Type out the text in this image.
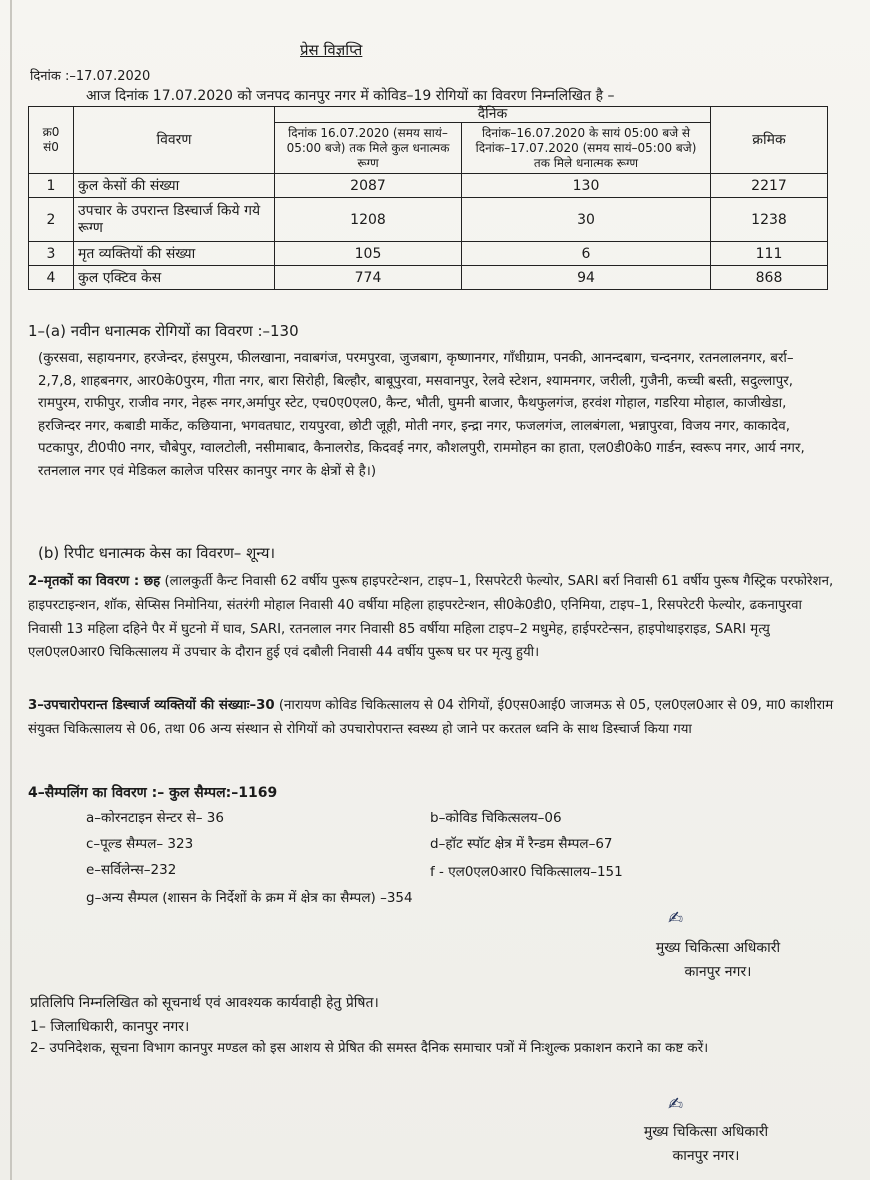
प्रेस विज्ञप्ति
दिनांक :–17.07.2020
आज दिनांक 17.07.2020 को जनपद कानपुर नगर में कोविड–19 रोगियों का विवरण निम्नलिखित है –
क्र0 सं0	विवरण	दैनिक		क्रमिक
		दिनांक 16.07.2020 (समय सायं– 05:00 बजे) तक मिले कुल धनात्मक रूग्ण	दिनांक–16.07.2020 के सायं 05:00 बजे से दिनांक–17.07.2020 (समय सायं–05:00 बजे) तक मिले धनात्मक रूग्ण	
1	कुल केसों की संख्या	2087	130	2217
2	उपचार के उपरान्त डिस्चार्ज किये गये रूग्ण	1208	30	1238
3	मृत व्यक्तियों की संख्या	105	6	111
4	कुल एक्टिव केस	774	94	868
1–(a) नवीन धनात्मक रोगियों का विवरण :–130
(कुरसवा, सहायनगर, हरजेन्दर, हंसपुरम, फीलखाना, नवाबगंज, परमपुरवा, जुजबाग, कृष्णानगर, गाँधीग्राम, पनकी, आनन्दबाग, चन्दनगर, रतनलालनगर, बर्रा–2,7,8, शाहबनगर, आर0के0पुरम, गीता नगर, बारा सिरोही, बिल्हौर, बाबूपुरवा, मसवानपुर, रेलवे स्टेशन, श्यामनगर, जरीली, गुजैनी, कच्ची बस्ती, सदुल्लापुर, रामपुरम, राफीपुर, राजीव नगर, नेहरू नगर,अर्मापुर स्टेट, एच0ए0एल0, कैन्ट, भौती, घुमनी बाजार, फैथफुलगंज, हरवंश गोहाल, गडरिया मोहाल, काजीखेडा, हरजिन्दर नगर, कबाडी मार्केट, कछियाना, भगवतघाट, रायपुरवा, छोटी जूही, मोती नगर, इन्द्रा नगर, फजलगंज, लालबंगला, भन्नापुरवा, विजय नगर, काकादेव, पटकापुर, टी0पी0 नगर, चौबेपुर, ग्वालटोली, नसीमाबाद, कैनालरोड, किदवई नगर, कौशलपुरी, राममोहन का हाता, एल0डी0के0 गार्डन, स्वरूप नगर, आर्य नगर, रतनलाल नगर एवं मेडिकल कालेज परिसर कानपुर नगर के क्षेत्रों से है।)
(b) रिपीट धनात्मक केस का विवरण– शून्य।
2–मृतकों का विवरण : छह (लालकुर्ती कैन्ट निवासी 62 वर्षीय पुरूष हाइपरटेन्शन, टाइप–1, रिसपरेटरी फेल्योर, SARI बर्रा निवासी 61 वर्षीय पुरूष गैस्ट्रिक परफोरेशन, हाइपरटाइन्शन, शॉक, सेप्सिस निमोनिया, संतरंगी मोहाल निवासी 40 वर्षीया महिला हाइपरटेन्शन, सी0के0डी0, एनिमिया, टाइप–1, रिसपरेटरी फेल्योर, ढकनापुरवा निवासी 13 महिला दहिने पैर में घुटनो में घाव, SARI, रतनलाल नगर निवासी 85 वर्षीया महिला टाइप–2 मधुमेह, हाईपरटेन्सन, हाइपोथाइराइड, SARI मृत्यु एल0एल0आर0 चिकित्सालय में उपचार के दौरान हुई एवं दबौली निवासी 44 वर्षीय पुरूष घर पर मृत्यु हुयी।
3–उपचारोपरान्त डिस्चार्ज व्यक्तियों की संख्याः–30 (नारायण कोविड चिकित्सालय से 04 रोगियों, ई0एस0आई0 जाजमऊ से 05, एल0एल0आर से 09, मा0 काशीराम संयुक्त चिकित्सालय से 06, तथा 06 अन्य संस्थान से रोगियों को उपचारोपरान्त स्वस्थ्य हो जाने पर करतल ध्वनि के साथ डिस्चार्ज किया गया
4–सैम्पलिंग का विवरण :– कुल सैम्पल:–1169
a–कोरनटाइन सेन्टर से– 36	b–कोविड चिकित्सलय–06
c–पूल्ड सैम्पल– 323	d–हॉट स्पॉट क्षेत्र में रैन्डम सैम्पल–67
e–सर्विलेन्स–232	f - एल0एल0आर0 चिकित्सालय–151
g–अन्य सैम्पल (शासन के निर्देशों के क्रम में क्षेत्र का सैम्पल) –354
✍
मुख्य चिकित्सा अधिकारी
कानपुर नगर।
प्रतिलिपि निम्नलिखित को सूचनार्थ एवं आवश्यक कार्यवाही हेतु प्रेषित।
1– जिलाधिकारी, कानपुर नगर।
2– उपनिदेशक, सूचना विभाग कानपुर मण्डल को इस आशय से प्रेषित की समस्त दैनिक समाचार पत्रों में निःशुल्क प्रकाशन कराने का कष्ट करें।
✍
मुख्य चिकित्सा अधिकारी
कानपुर नगर।
